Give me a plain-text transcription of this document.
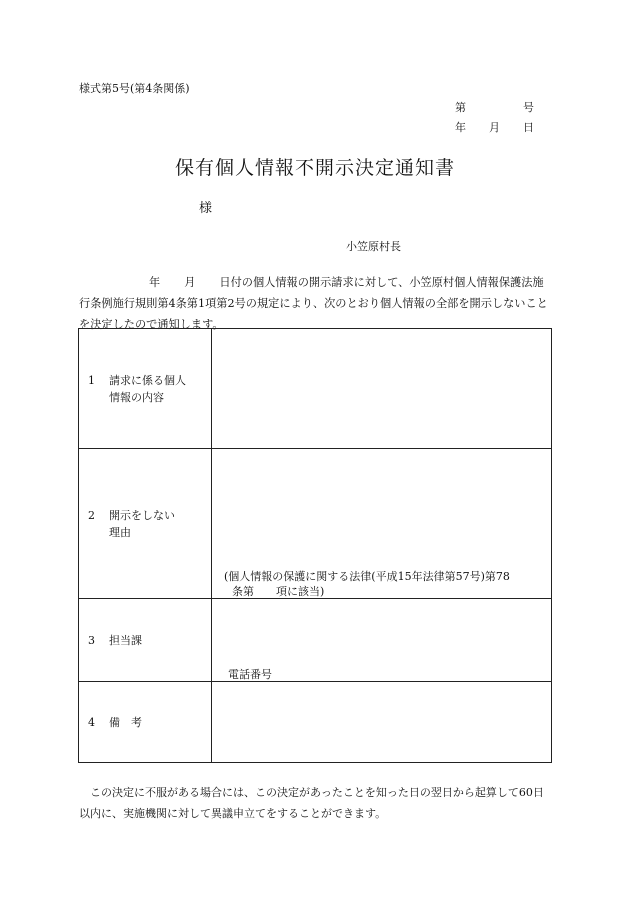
様式第5号(第4条関係)
第	号
年 月 日
保有個人情報不開示決定通知書
様
小笠原村長
年 月 日付の個人情報の開示請求に対して、小笠原村個人情報保護法施行条例施行規則第4条第1項第2号の規定により、次のとおり個人情報の全部を開示しないことを決定したので通知します。
1 請求に係る個人
情報の内容	

2 開示をしない
理由	(個人情報の保護に関する法律(平成15年法律第57号)第78
条第　　項に該当)

3 担当課	電話番号

4 備　考	

この決定に不服がある場合には、この決定があったことを知った日の翌日から起算して60日以内に、実施機関に対して異議申立てをすることができます。
